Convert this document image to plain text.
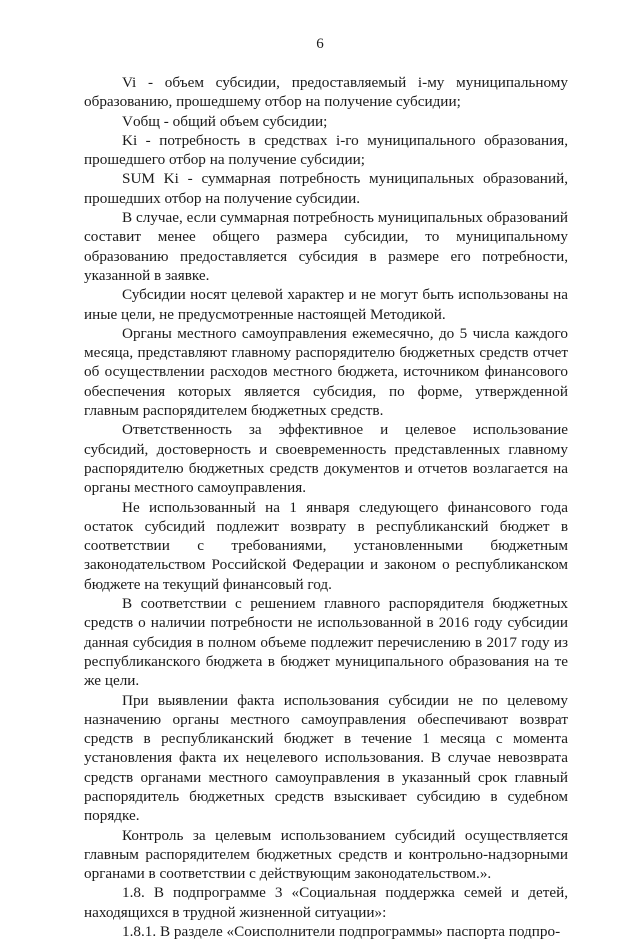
6

Vi - объем субсидии, предоставляемый i-му муниципальному образованию, прошедшему отбор на получение субсидии;

Vобщ - общий объем субсидии;

Ki - потребность в средствах i-го муниципального образования, прошедшего отбор на получение субсидии;

SUM Ki - суммарная потребность муниципальных образований, прошедших отбор на получение субсидии.

В случае, если суммарная потребность муниципальных образований составит менее общего размера субсидии, то муниципальному образованию предоставляется субсидия в размере его потребности, указанной в заявке.

Субсидии носят целевой характер и не могут быть использованы на иные цели, не предусмотренные настоящей Методикой.

Органы местного самоуправления ежемесячно, до 5 числа каждого месяца, представляют главному распорядителю бюджетных средств отчет об осуществлении расходов местного бюджета, источником финансового обеспечения которых является субсидия, по форме, утвержденной главным распорядителем бюджетных средств.

Ответственность за эффективное и целевое использование субсидий, достоверность и своевременность представленных главному распорядителю бюджетных средств документов и отчетов возлагается на органы местного самоуправления.

Не использованный на 1 января следующего финансового года остаток субсидий подлежит возврату в республиканский бюджет в соответствии с требованиями, установленными бюджетным законодательством Российской Федерации и законом о республиканском бюджете на текущий финансовый год.

В соответствии с решением главного распорядителя бюджетных средств о наличии потребности не использованной в 2016 году субсидии данная субсидия в полном объеме подлежит перечислению в 2017 году из республиканского бюджета в бюджет муниципального образования на те же цели.

При выявлении факта использования субсидии не по целевому назначению органы местного самоуправления обеспечивают возврат средств в республиканский бюджет в течение 1 месяца с момента установления факта их нецелевого использования. В случае невозврата средств органами местного самоуправления в указанный срок главный распорядитель бюджетных средств взыскивает субсидию в судебном порядке.

Контроль за целевым использованием субсидий осуществляется главным распорядителем бюджетных средств и контрольно-надзорными органами в соответствии с действующим законодательством.».

1.8. В подпрограмме 3 «Социальная поддержка семей и детей, находящихся в трудной жизненной ситуации»:

1.8.1. В разделе «Соисполнители подпрограммы» паспорта подпро-
